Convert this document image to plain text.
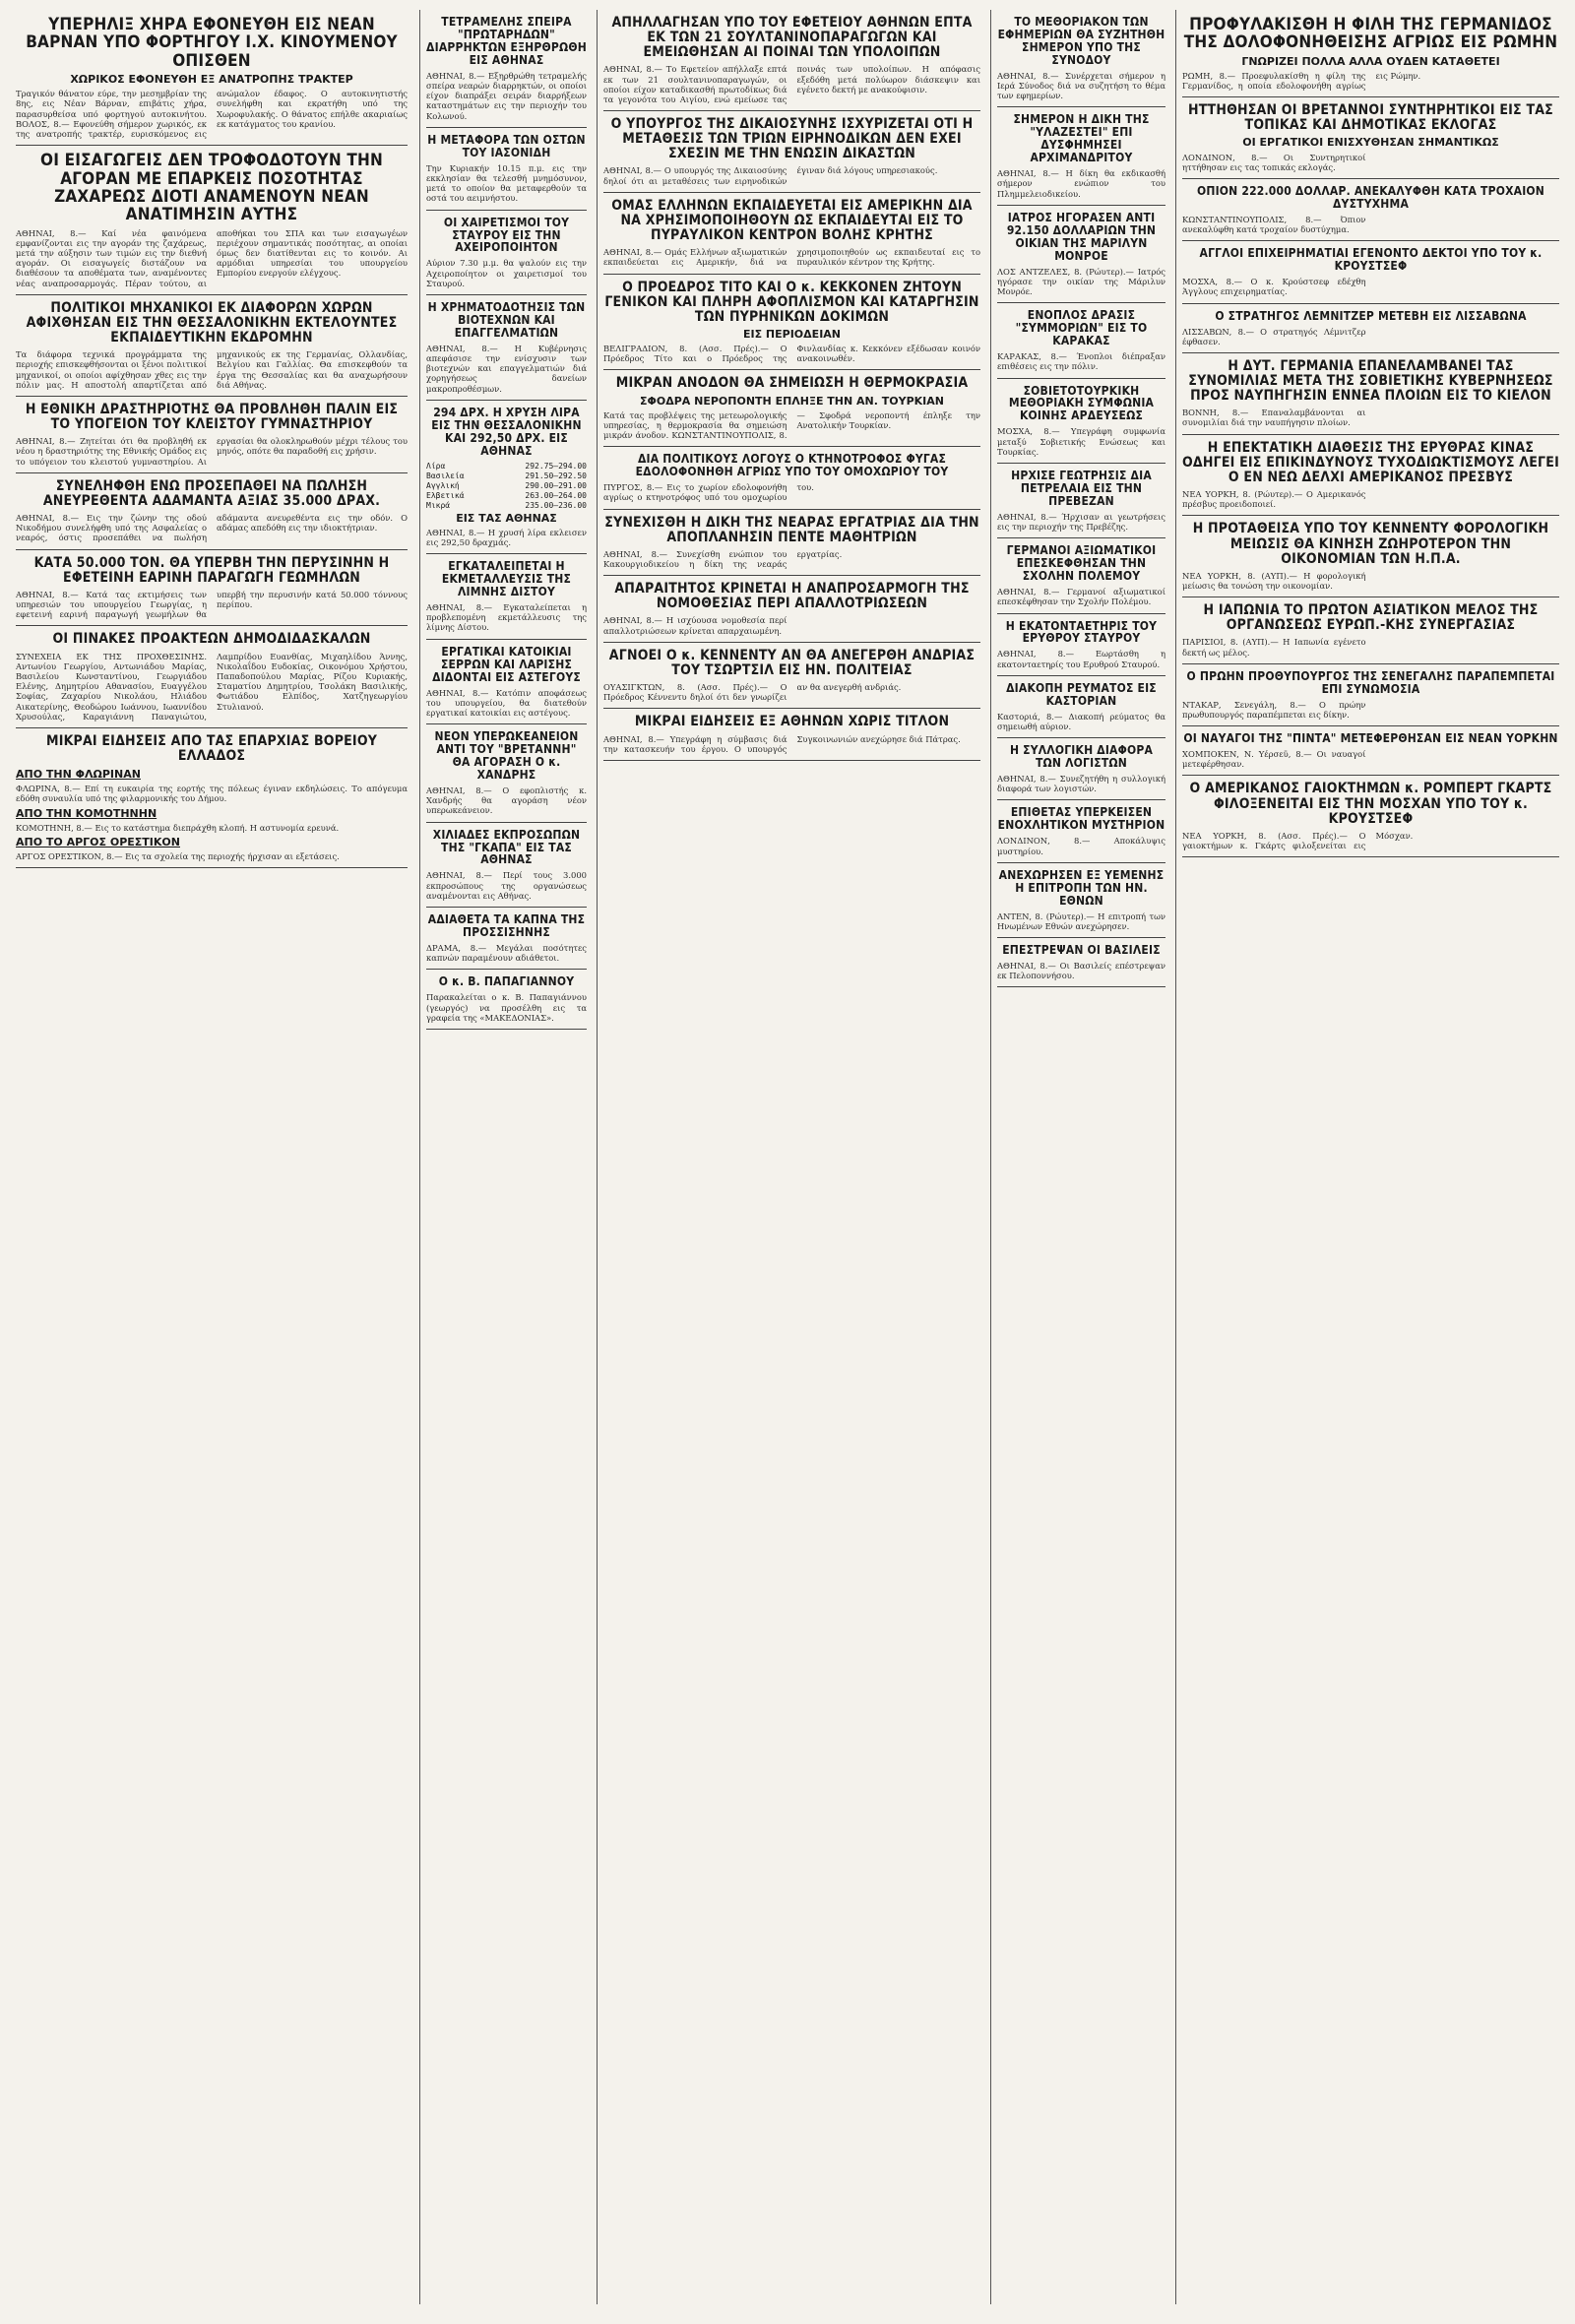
ΥΠΕΡΗΛΙΞ ΧΗΡΑ ΕΦΟΝΕΥΘΗ ΕΙΣ ΝΕΑΝ ΒΑΡΝΑΝ ΥΠΟ ΦΟΡΤΗΓΟΥ Ι.Χ. ΚΙΝΟΥΜΕΝΟΥ ΟΠΙΣΘΕΝ
ΧΩΡΙΚΟΣ ΕΦΟΝΕΥΘΗ ΕΞ ΑΝΑΤΡΟΠΗΣ ΤΡΑΚΤΕΡ
Τραγικόν θάνατον εύρε, την μεσημβρίαν της 8ης, εις Νέαν Βάρναν, επιβάτις χήρα, παρασυρθείσα υπό φορτηγού αυτοκινήτου. ΒΟΛΟΣ, 8.— Εφονεύθη σήμερον χωρικός, εκ της ανατροπής τρακτέρ, ευρισκόμενος εις ανώμαλον έδαφος. Ο αυτοκινητιστής συνελήφθη και εκρατήθη υπό της Χωροφυλακής. Ο θάνατος επήλθε ακαριαίως εκ κατάγματος του κρανίου.
ΟΙ ΕΙΣΑΓΩΓΕΙΣ ΔΕΝ ΤΡΟΦΟΔΟΤΟΥΝ ΤΗΝ ΑΓΟΡΑΝ ΜΕ ΕΠΑΡΚΕΙΣ ΠΟΣΟΤΗΤΑΣ ΖΑΧΑΡΕΩΣ ΔΙΟΤΙ ΑΝΑΜΕΝΟΥΝ ΝΕΑΝ ΑΝΑΤΙΜΗΣΙΝ ΑΥΤΗΣ
ΑΘΗΝΑΙ, 8.— Καί νέα φαινόμενα εμφανίζονται εις την αγοράν της ζαχάρεως, μετά την αύξησιν των τιμών εις την διεθνή αγοράν. Οι εισαγωγείς διστάζουν να διαθέσουν τα αποθέματα των, αναμένοντες νέας αναπροσαρμογάς. Πέραν τούτου, αι αποθήκαι του ΣΠΑ και των εισαγωγέων περιέχουν σημαντικάς ποσότητας, αι οποίαι όμως δεν διατίθενται εις το κοινόν. Αι αρμόδιαι υπηρεσίαι του υπουργείου Εμπορίου ενεργούν ελέγχους.
ΠΟΛΙΤΙΚΟΙ ΜΗΧΑΝΙΚΟΙ ΕΚ ΔΙΑΦΟΡΩΝ ΧΩΡΩΝ ΑΦΙΧΘΗΣΑΝ ΕΙΣ ΤΗΝ ΘΕΣΣΑΛΟΝΙΚΗΝ ΕΚΤΕΛΟΥΝΤΕΣ ΕΚΠΑΙΔΕΥΤΙΚΗΝ ΕΚΔΡΟΜΗΝ
Τα διάφορα τεχνικά προγράμματα της περιοχής επισκεφθήσονται οι ξένοι πολιτικοί μηχανικοί, οι οποίοι αφίχθησαν χθες εις την πόλιν μας. Η αποστολή απαρτίζεται από μηχανικούς εκ της Γερμανίας, Ολλανδίας, Βελγίου και Γαλλίας. Θα επισκεφθούν τα έργα της Θεσσαλίας και θα αναχωρήσουν διά Αθήνας.
Η ΕΘΝΙΚΗ ΔΡΑΣΤΗΡΙΟΤΗΣ ΘΑ ΠΡΟΒΛΗΘΗ ΠΑΛΙΝ ΕΙΣ ΤΟ ΥΠΟΓΕΙΟΝ ΤΟΥ ΚΛΕΙΣΤΟΥ ΓΥΜΝΑΣΤΗΡΙΟΥ
ΑΘΗΝΑΙ, 8.— Ζητείται ότι θα προβληθή εκ νέου η δραστηριότης της Εθνικής Ομάδος εις το υπόγειον του κλειστού γυμναστηρίου. Αι εργασίαι θα ολοκληρωθούν μέχρι τέλους του μηνός, οπότε θα παραδοθή εις χρήσιν.
ΣΥΝΕΛΗΦΘΗ ΕΝΩ ΠΡΟΣΕΠΑΘΕΙ ΝΑ ΠΩΛΗΣΗ ΑΝΕΥΡΕΘΕΝΤΑ ΑΔΑΜΑΝΤΑ ΑΞΙΑΣ 35.000 ΔΡΑΧ.
ΑΘΗΝΑΙ, 8.— Εις την ζώνην της οδού Νικοδήμου συνελήφθη υπό της Ασφαλείας ο νεαρός, όστις προσεπάθει να πωλήση αδάμαντα ανευρεθέντα εις την οδόν. Ο αδάμας απεδόθη εις την ιδιοκτήτριαν.
ΚΑΤΑ 50.000 ΤΟΝ. ΘΑ ΥΠΕΡΒΗ ΤΗΝ ΠΕΡΥΣΙΝΗΝ Η ΕΦΕΤΕΙΝΗ ΕΑΡΙΝΗ ΠΑΡΑΓΩΓΗ ΓΕΩΜΗΛΩΝ
ΑΘΗΝΑΙ, 8.— Κατά τας εκτιμήσεις των υπηρεσιών του υπουργείου Γεωργίας, η εφετεινή εαρινή παραγωγή γεωμήλων θα υπερβή την περυσινήν κατά 50.000 τόννους περίπου.
ΟΙ ΠΙΝΑΚΕΣ ΠΡΟΑΚΤΕΩΝ ΔΗΜΟΔΙΔΑΣΚΑΛΩΝ
ΣΥΝΕΧΕΙΑ ΕΚ ΤΗΣ ΠΡΟΧΘΕΣΙΝΗΣ. Αντωνίου Γεωργίου, Αντωνιάδου Μαρίας, Βασιλείου Κωνσταντίνου, Γεωργιάδου Ελένης, Δημητρίου Αθανασίου, Ευαγγέλου Σοφίας, Ζαχαρίου Νικολάου, Ηλιάδου Αικατερίνης, Θεοδώρου Ιωάννου, Ιωαννίδου Χρυσούλας, Καραγιάννη Παναγιώτου, Λαμπρίδου Ευανθίας, Μιχαηλίδου Άννης, Νικολαΐδου Ευδοκίας, Οικονόμου Χρήστου, Παπαδοπούλου Μαρίας, Ρίζου Κυριακής, Σταματίου Δημητρίου, Τσολάκη Βασιλικής, Φωτιάδου Ελπίδος, Χατζηγεωργίου Στυλιανού.
ΜΙΚΡΑΙ ΕΙΔΗΣΕΙΣ ΑΠΟ ΤΑΣ ΕΠΑΡΧΙΑΣ ΒΟΡΕΙΟΥ ΕΛΛΑΔΟΣ
ΑΠΟ ΤΗΝ ΦΛΩΡΙΝΑΝ
ΦΛΩΡΙΝΑ, 8.— Επί τη ευκαιρία της εορτής της πόλεως έγιναν εκδηλώσεις. Το απόγευμα εδόθη συναυλία υπό της φιλαρμονικής του Δήμου.
ΑΠΟ ΤΗΝ ΚΟΜΟΤΗΝΗΝ
ΚΟΜΟΤΗΝΗ, 8.— Εις το κατάστημα διεπράχθη κλοπή. Η αστυνομία ερευνά.
ΑΠΟ ΤΟ ΑΡΓΟΣ ΟΡΕΣΤΙΚΟΝ
ΑΡΓΟΣ ΟΡΕΣΤΙΚΟΝ, 8.— Εις τα σχολεία της περιοχής ήρχισαν αι εξετάσεις.
ΤΕΤΡΑΜΕΛΗΣ ΣΠΕΙΡΑ "ΠΡΩΤΑΡΗΔΩΝ" ΔΙΑΡΡΗΚΤΩΝ ΕΞΗΡΘΡΩΘΗ ΕΙΣ ΑΘΗΝΑΣ
ΑΘΗΝΑΙ, 8.— Εξηρθρώθη τετραμελής σπείρα νεαρών διαρρηκτών, οι οποίοι είχον διαπράξει σειράν διαρρήξεων καταστημάτων εις την περιοχήν του Κολωνού.
Η ΜΕΤΑΦΟΡΑ ΤΩΝ ΟΣΤΩΝ ΤΟΥ ΙΑΣΟΝΙΔΗ
Την Κυριακήν 10.15 π.μ. εις την εκκλησίαν θα τελεσθή μνημόσυνον, μετά το οποίον θα μεταφερθούν τα οστά του αειμνήστου.
ΟΙ ΧΑΙΡΕΤΙΣΜΟΙ ΤΟΥ ΣΤΑΥΡΟΥ ΕΙΣ ΤΗΝ ΑΧΕΙΡΟΠΟΙΗΤΟΝ
Αύριον 7.30 μ.μ. θα ψαλούν εις την Αχειροποίητον οι χαιρετισμοί του Σταυρού.
Η ΧΡΗΜΑΤΟΔΟΤΗΣΙΣ ΤΩΝ ΒΙΟΤΕΧΝΩΝ ΚΑΙ ΕΠΑΓΓΕΛΜΑΤΙΩΝ
ΑΘΗΝΑΙ, 8.— Η Κυβέρνησις απεφάσισε την ενίσχυσιν των βιοτεχνών και επαγγελματιών διά χορηγήσεως δανείων μακροπροθέσμων.
294 ΔΡΧ. Η ΧΡΥΣΗ ΛΙΡΑ ΕΙΣ ΤΗΝ ΘΕΣΣΑΛΟΝΙΚΗΝ ΚΑΙ 292,50 ΔΡΧ. ΕΙΣ ΑΘΗΝΑΣ
Λίρα	292.75—294.00
Βασιλεία	291.50—292.50
Αγγλική	290.00—291.00
Ελβετικά	263.00—264.00
Μικρά	235.00—236.00
ΕΙΣ ΤΑΣ ΑΘΗΝΑΣ
ΑΘΗΝΑΙ, 8.— Η χρυσή λίρα εκλεισεν εις 292,50 δραχμάς.
ΕΓΚΑΤΑΛΕΙΠΕΤΑΙ Η ΕΚΜΕΤΑΛΛΕΥΣΙΣ ΤΗΣ ΛΙΜΝΗΣ ΔΙΣΤΟΥ
ΑΘΗΝΑΙ, 8.— Εγκαταλείπεται η προβλεπομένη εκμετάλλευσις της λίμνης Δίστου.
ΕΡΓΑΤΙΚΑΙ ΚΑΤΟΙΚΙΑΙ ΣΕΡΡΩΝ ΚΑΙ ΛΑΡΙΣΗΣ ΔΙΔΟΝΤΑΙ ΕΙΣ ΑΣΤΕΓΟΥΣ
ΑΘΗΝΑΙ, 8.— Κατόπιν αποφάσεως του υπουργείου, θα διατεθούν εργατικαί κατοικίαι εις αστέγους.
ΝΕΟΝ ΥΠΕΡΩΚΕΑΝΕΙΟΝ ΑΝΤΙ ΤΟΥ "ΒΡΕΤΑΝΝΗ" ΘΑ ΑΓΟΡΑΣΗ Ο κ. ΧΑΝΔΡΗΣ
ΑΘΗΝΑΙ, 8.— Ο εφοπλιστής κ. Χανδρής θα αγοράση νέον υπερωκεάνειον.
ΧΙΛΙΑΔΕΣ ΕΚΠΡΟΣΩΠΩΝ ΤΗΣ "ΓΚΑΠΑ" ΕΙΣ ΤΑΣ ΑΘΗΝΑΣ
ΑΘΗΝΑΙ, 8.— Περί τους 3.000 εκπροσώπους της οργανώσεως αναμένονται εις Αθήνας.
ΑΔΙΑΘΕΤΑ ΤΑ ΚΑΠΝΑ ΤΗΣ ΠΡΟΣΣΙΣΗΝΗΣ
ΔΡΑΜΑ, 8.— Μεγάλαι ποσότητες καπνών παραμένουν αδιάθετοι.
Ο κ. Β. ΠΑΠΑΓΙΑΝΝΟΥ
Παρακαλείται ο κ. Β. Παπαγιάννου (γεωργός) να προσέλθη εις τα γραφεία της «ΜΑΚΕΔΟΝΙΑΣ».
ΑΠΗΛΛΑΓΗΣΑΝ ΥΠΟ ΤΟΥ ΕΦΕΤΕΙΟΥ ΑΘΗΝΩΝ ΕΠΤΑ ΕΚ ΤΩΝ 21 ΣΟΥΛΤΑΝΙΝΟΠΑΡΑΓΩΓΩΝ ΚΑΙ ΕΜΕΙΩΘΗΣΑΝ ΑΙ ΠΟΙΝΑΙ ΤΩΝ ΥΠΟΛΟΙΠΩΝ
ΑΘΗΝΑΙ, 8.— Το Εφετείον απήλλαξε επτά εκ των 21 σουλτανινοπαραγωγών, οι οποίοι είχον καταδικασθή πρωτοδίκως διά τα γεγονότα του Αιγίου, ενώ εμείωσε τας ποινάς των υπολοίπων. Η απόφασις εξεδόθη μετά πολύωρον διάσκεψιν και εγένετο δεκτή με ανακούφισιν.
Ο ΥΠΟΥΡΓΟΣ ΤΗΣ ΔΙΚΑΙΟΣΥΝΗΣ ΙΣΧΥΡΙΖΕΤΑΙ ΟΤΙ Η ΜΕΤΑΘΕΣΙΣ ΤΩΝ ΤΡΙΩΝ ΕΙΡΗΝΟΔΙΚΩΝ ΔΕΝ ΕΧΕΙ ΣΧΕΣΙΝ ΜΕ ΤΗΝ ΕΝΩΣΙΝ ΔΙΚΑΣΤΩΝ
ΑΘΗΝΑΙ, 8.— Ο υπουργός της Δικαιοσύνης δηλοί ότι αι μεταθέσεις των ειρηνοδικών έγιναν διά λόγους υπηρεσιακούς.
ΟΜΑΣ ΕΛΛΗΝΩΝ ΕΚΠΑΙΔΕΥΕΤΑΙ ΕΙΣ ΑΜΕΡΙΚΗΝ ΔΙΑ ΝΑ ΧΡΗΣΙΜΟΠΟΙΗΘΟΥΝ ΩΣ ΕΚΠΑΙΔΕΥΤΑΙ ΕΙΣ ΤΟ ΠΥΡΑΥΛΙΚΟΝ ΚΕΝΤΡΟΝ ΒΟΛΗΣ ΚΡΗΤΗΣ
ΑΘΗΝΑΙ, 8.— Ομάς Ελλήνων αξιωματικών εκπαιδεύεται εις Αμερικήν, διά να χρησιμοποιηθούν ως εκπαιδευταί εις το πυραυλικόν κέντρον της Κρήτης.
Ο ΠΡΟΕΔΡΟΣ ΤΙΤΟ ΚΑΙ Ο κ. ΚΕΚΚΟΝΕΝ ΖΗΤΟΥΝ ΓΕΝΙΚΟΝ ΚΑΙ ΠΛΗΡΗ ΑΦΟΠΛΙΣΜΟΝ ΚΑΙ ΚΑΤΑΡΓΗΣΙΝ ΤΩΝ ΠΥΡΗΝΙΚΩΝ ΔΟΚΙΜΩΝ
ΕΙΣ ΠΕΡΙΟΔΕΙΑΝ
ΒΕΛΙΓΡΑΔΙΟΝ, 8. (Ασσ. Πρές).— Ο Πρόεδρος Τίτο και ο Πρόεδρος της Φινλανδίας κ. Κεκκόνεν εξέδωσαν κοινόν ανακοινωθέν.
ΜΙΚΡΑΝ ΑΝΟΔΟΝ ΘΑ ΣΗΜΕΙΩΣΗ Η ΘΕΡΜΟΚΡΑΣΙΑ
ΣΦΟΔΡΑ ΝΕΡΟΠΟΝΤΗ ΕΠΛΗΞΕ ΤΗΝ ΑΝ. ΤΟΥΡΚΙΑΝ
Κατά τας προβλέψεις της μετεωρολογικής υπηρεσίας, η θερμοκρασία θα σημειώση μικράν άνοδον. ΚΩΝΣΤΑΝΤΙΝΟΥΠΟΛΙΣ, 8.— Σφοδρά νεροποντή έπληξε την Ανατολικήν Τουρκίαν.
ΔΙΑ ΠΟΛΙΤΙΚΟΥΣ ΛΟΓΟΥΣ Ο ΚΤΗΝΟΤΡΟΦΟΣ ΦΥΓΑΣ ΕΔΟΛΟΦΟΝΗΘΗ ΑΓΡΙΩΣ ΥΠΟ ΤΟΥ ΟΜΟΧΩΡΙΟΥ ΤΟΥ
ΠΥΡΓΟΣ, 8.— Εις το χωρίον εδολοφονήθη αγρίως ο κτηνοτρόφος υπό του ομοχωρίου του.
ΣΥΝΕΧΙΣΘΗ Η ΔΙΚΗ ΤΗΣ ΝΕΑΡΑΣ ΕΡΓΑΤΡΙΑΣ ΔΙΑ ΤΗΝ ΑΠΟΠΛΑΝΗΣΙΝ ΠΕΝΤΕ ΜΑΘΗΤΡΙΩΝ
ΑΘΗΝΑΙ, 8.— Συνεχίσθη ενώπιον του Κακουργιοδικείου η δίκη της νεαράς εργατρίας.
ΑΠΑΡΑΙΤΗΤΟΣ ΚΡΙΝΕΤΑΙ Η ΑΝΑΠΡΟΣΑΡΜΟΓΗ ΤΗΣ ΝΟΜΟΘΕΣΙΑΣ ΠΕΡΙ ΑΠΑΛΛΟΤΡΙΩΣΕΩΝ
ΑΘΗΝΑΙ, 8.— Η ισχύουσα νομοθεσία περί απαλλοτριώσεων κρίνεται απαρχαιωμένη.
ΑΓΝΟΕΙ Ο κ. ΚΕΝΝΕΝΤΥ ΑΝ ΘΑ ΑΝΕΓΕΡΘΗ ΑΝΔΡΙΑΣ ΤΟΥ ΤΣΩΡΤΣΙΛ ΕΙΣ ΗΝ. ΠΟΛΙΤΕΙΑΣ
ΟΥΑΣΙΓΚΤΩΝ, 8. (Ασσ. Πρές).— Ο Πρόεδρος Κέννεντυ δηλοί ότι δεν γνωρίζει αν θα ανεγερθή ανδριάς.
ΜΙΚΡΑΙ ΕΙΔΗΣΕΙΣ ΕΞ ΑΘΗΝΩΝ ΧΩΡΙΣ ΤΙΤΛΟΝ
ΑΘΗΝΑΙ, 8.— Υπεγράφη η σύμβασις διά την κατασκευήν του έργου. Ο υπουργός Συγκοινωνιών ανεχώρησε διά Πάτρας.
ΤΟ ΜΕΘΟΡΙΑΚΟΝ ΤΩΝ ΕΦΗΜΕΡΙΩΝ ΘΑ ΣΥΖΗΤΗΘΗ ΣΗΜΕΡΟΝ ΥΠΟ ΤΗΣ ΣΥΝΟΔΟΥ
ΑΘΗΝΑΙ, 8.— Συνέρχεται σήμερον η Ιερά Σύνοδος διά να συζητήση το θέμα των εφημερίων.
ΣΗΜΕΡΟΝ Η ΔΙΚΗ ΤΗΣ "ΥΛΑΖΕΣΤΕΙ" ΕΠΙ ΔΥΣΦΗΜΗΣΕΙ ΑΡΧΙΜΑΝΔΡΙΤΟΥ
ΑΘΗΝΑΙ, 8.— Η δίκη θα εκδικασθή σήμερον ενώπιον του Πλημμελειοδικείου.
ΙΑΤΡΟΣ ΗΓΟΡΑΣΕΝ ΑΝΤΙ 92.150 ΔΟΛΛΑΡΙΩΝ ΤΗΝ ΟΙΚΙΑΝ ΤΗΣ ΜΑΡΙΛΥΝ ΜΟΝΡΟΕ
ΛΟΣ ΑΝΤΖΕΛΕΣ, 8. (Ρώυτερ).— Ιατρός ηγόρασε την οικίαν της Μάριλυν Μονρόε.
ΕΝΟΠΛΟΣ ΔΡΑΣΙΣ "ΣΥΜΜΟΡΙΩΝ" ΕΙΣ ΤΟ ΚΑΡΑΚΑΣ
ΚΑΡΑΚΑΣ, 8.— Ένοπλοι διέπραξαν επιθέσεις εις την πόλιν.
ΣΟΒΙΕΤΟΤΟΥΡΚΙΚΗ ΜΕΘΟΡΙΑΚΗ ΣΥΜΦΩΝΙΑ ΚΟΙΝΗΣ ΑΡΔΕΥΣΕΩΣ
ΜΟΣΧΑ, 8.— Υπεγράφη συμφωνία μεταξύ Σοβιετικής Ενώσεως και Τουρκίας.
ΗΡΧΙΣΕ ΓΕΩΤΡΗΣΙΣ ΔΙΑ ΠΕΤΡΕΛΑΙΑ ΕΙΣ ΤΗΝ ΠΡΕΒΕΖΑΝ
ΑΘΗΝΑΙ, 8.— Ήρχισαν αι γεωτρήσεις εις την περιοχήν της Πρεβέζης.
ΓΕΡΜΑΝΟΙ ΑΞΙΩΜΑΤΙΚΟΙ ΕΠΕΣΚΕΦΘΗΣΑΝ ΤΗΝ ΣΧΟΛΗΝ ΠΟΛΕΜΟΥ
ΑΘΗΝΑΙ, 8.— Γερμανοί αξιωματικοί επεσκέφθησαν την Σχολήν Πολέμου.
Η ΕΚΑΤΟΝΤΑΕΤΗΡΙΣ ΤΟΥ ΕΡΥΘΡΟΥ ΣΤΑΥΡΟΥ
ΑΘΗΝΑΙ, 8.— Εωρτάσθη η εκατονταετηρίς του Ερυθρού Σταυρού.
ΔΙΑΚΟΠΗ ΡΕΥΜΑΤΟΣ ΕΙΣ ΚΑΣΤΟΡΙΑΝ
Καστοριά, 8.— Διακοπή ρεύματος θα σημειωθή αύριον.
Η ΣΥΛΛΟΓΙΚΗ ΔΙΑΦΟΡΑ ΤΩΝ ΛΟΓΙΣΤΩΝ
ΑΘΗΝΑΙ, 8.— Συνεζητήθη η συλλογική διαφορά των λογιστών.
ΕΠΙΘΕΤΑΣ ΥΠΕΡΚΕΙΣΕΝ ΕΝΟΧΛΗΤΙΚΟΝ ΜΥΣΤΗΡΙΟΝ
ΛΟΝΔΙΝΟΝ, 8.— Αποκάλυψις μυστηρίου.
ΑΝΕΧΩΡΗΣΕΝ ΕΞ ΥΕΜΕΝΗΣ Η ΕΠΙΤΡΟΠΗ ΤΩΝ ΗΝ. ΕΘΝΩΝ
ΑΝΤΕΝ, 8. (Ρώυτερ).— Η επιτροπή των Ηνωμένων Εθνών ανεχώρησεν.
ΕΠΕΣΤΡΕΨΑΝ ΟΙ ΒΑΣΙΛΕΙΣ
ΑΘΗΝΑΙ, 8.— Οι Βασιλείς επέστρεψαν εκ Πελοποννήσου.
ΠΡΟΦΥΛΑΚΙΣΘΗ Η ΦΙΛΗ ΤΗΣ ΓΕΡΜΑΝΙΔΟΣ ΤΗΣ ΔΟΛΟΦΟΝΗΘΕΙΣΗΣ ΑΓΡΙΩΣ ΕΙΣ ΡΩΜΗΝ
ΓΝΩΡΙΖΕΙ ΠΟΛΛΑ ΑΛΛΑ ΟΥΔΕΝ ΚΑΤΑΘΕΤΕΙ
ΡΩΜΗ, 8.— Προεφυλακίσθη η φίλη της Γερμανίδος, η οποία εδολοφονήθη αγρίως εις Ρώμην.
ΗΤΤΗΘΗΣΑΝ ΟΙ ΒΡΕΤΑΝΝΟΙ ΣΥΝΤΗΡΗΤΙΚΟΙ ΕΙΣ ΤΑΣ ΤΟΠΙΚΑΣ ΚΑΙ ΔΗΜΟΤΙΚΑΣ ΕΚΛΟΓΑΣ
ΟΙ ΕΡΓΑΤΙΚΟΙ ΕΝΙΣΧΥΘΗΣΑΝ ΣΗΜΑΝΤΙΚΩΣ
ΛΟΝΔΙΝΟΝ, 8.— Οι Συντηρητικοί ηττήθησαν εις τας τοπικάς εκλογάς.
ΟΠΙΟΝ 222.000 ΔΟΛΛΑΡ. ΑΝΕΚΑΛΥΦΘΗ ΚΑΤΑ ΤΡΟΧΑΙΟΝ ΔΥΣΤΥΧΗΜΑ
ΚΩΝΣΤΑΝΤΙΝΟΥΠΟΛΙΣ, 8.— Όπιον ανεκαλύφθη κατά τροχαίον δυστύχημα.
ΑΓΓΛΟΙ ΕΠΙΧΕΙΡΗΜΑΤΙΑΙ ΕΓΕΝΟΝΤΟ ΔΕΚΤΟΙ ΥΠΟ ΤΟΥ κ. ΚΡΟΥΣΤΣΕΦ
ΜΟΣΧΑ, 8.— Ο κ. Κρούστσεφ εδέχθη Άγγλους επιχειρηματίας.
Ο ΣΤΡΑΤΗΓΟΣ ΛΕΜΝΙΤΖΕΡ ΜΕΤΕΒΗ ΕΙΣ ΛΙΣΣΑΒΩΝΑ
ΛΙΣΣΑΒΩΝ, 8.— Ο στρατηγός Λέμνιτζερ έφθασεν.
Η ΔΥΤ. ΓΕΡΜΑΝΙΑ ΕΠΑΝΕΛΑΜΒΑΝΕΙ ΤΑΣ ΣΥΝΟΜΙΛΙΑΣ ΜΕΤΑ ΤΗΣ ΣΟΒΙΕΤΙΚΗΣ ΚΥΒΕΡΝΗΣΕΩΣ ΠΡΟΣ ΝΑΥΠΗΓΗΣΙΝ ΕΝΝΕΑ ΠΛΟΙΩΝ ΕΙΣ ΤΟ ΚΙΕΛΟΝ
ΒΟΝΝΗ, 8.— Επαναλαμβάνονται αι συνομιλίαι διά την ναυπήγησιν πλοίων.
Η ΕΠΕΚΤΑΤΙΚΗ ΔΙΑΘΕΣΙΣ ΤΗΣ ΕΡΥΘΡΑΣ ΚΙΝΑΣ ΟΔΗΓΕΙ ΕΙΣ ΕΠΙΚΙΝΔΥΝΟΥΣ ΤΥΧΟΔΙΩΚΤΙΣΜΟΥΣ ΛΕΓΕΙ Ο ΕΝ ΝΕΩ ΔΕΛΧΙ ΑΜΕΡΙΚΑΝΟΣ ΠΡΕΣΒΥΣ
ΝΕΑ ΥΟΡΚΗ, 8. (Ρώυτερ).— Ο Αμερικανός πρέσβυς προειδοποιεί.
Η ΠΡΟΤΑΘΕΙΣΑ ΥΠΟ ΤΟΥ ΚΕΝΝΕΝΤΥ ΦΟΡΟΛΟΓΙΚΗ ΜΕΙΩΣΙΣ ΘΑ ΚΙΝΗΣΗ ΖΩΗΡΟΤΕΡΟΝ ΤΗΝ ΟΙΚΟΝΟΜΙΑΝ ΤΩΝ Η.Π.Α.
ΝΕΑ ΥΟΡΚΗ, 8. (ΑΥΠ).— Η φορολογική μείωσις θα τονώση την οικονομίαν.
Η ΙΑΠΩΝΙΑ ΤΟ ΠΡΩΤΟΝ ΑΣΙΑΤΙΚΟΝ ΜΕΛΟΣ ΤΗΣ ΟΡΓΑΝΩΣΕΩΣ ΕΥΡΩΠ.-ΚΗΣ ΣΥΝΕΡΓΑΣΙΑΣ
ΠΑΡΙΣΙΟΙ, 8. (ΑΥΠ).— Η Ιαπωνία εγένετο δεκτή ως μέλος.
Ο ΠΡΩΗΝ ΠΡΟΘΥΠΟΥΡΓΟΣ ΤΗΣ ΣΕΝΕΓΑΛΗΣ ΠΑΡΑΠΕΜΠΕΤΑΙ ΕΠΙ ΣΥΝΩΜΟΣΙΑ
ΝΤΑΚΑΡ, Σενεγάλη, 8.— Ο πρώην πρωθυπουργός παραπέμπεται εις δίκην.
ΟΙ ΝΑΥΑΓΟΙ ΤΗΣ "ΠΙΝΤΑ" ΜΕΤΕΦΕΡΘΗΣΑΝ ΕΙΣ ΝΕΑΝ ΥΟΡΚΗΝ
ΧΟΜΠΟΚΕΝ, Ν. Υέρσεϋ, 8.— Οι ναυαγοί μετεφέρθησαν.
Ο ΑΜΕΡΙΚΑΝΟΣ ΓΑΙΟΚΤΗΜΩΝ κ. ΡΟΜΠΕΡΤ ΓΚΑΡΤΣ ΦΙΛΟΞΕΝΕΙΤΑΙ ΕΙΣ ΤΗΝ ΜΟΣΧΑΝ ΥΠΟ ΤΟΥ κ. ΚΡΟΥΣΤΣΕΦ
ΝΕΑ ΥΟΡΚΗ, 8. (Ασσ. Πρές).— Ο γαιοκτήμων κ. Γκάρτς φιλοξενείται εις Μόσχαν.
